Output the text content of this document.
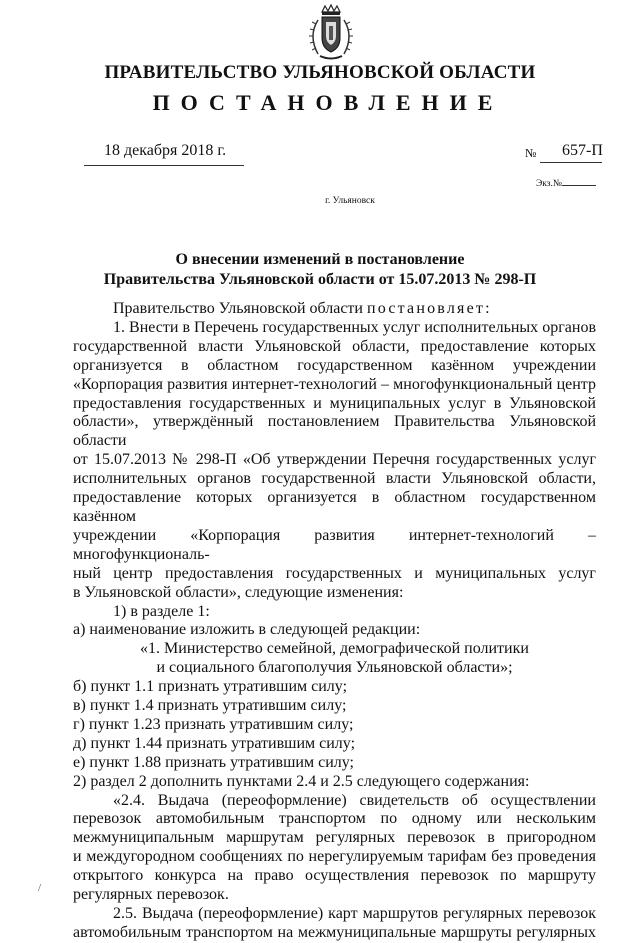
ПРАВИТЕЛЬСТВО УЛЬЯНОВСКОЙ ОБЛАСТИ
ПОСТАНОВЛЕНИЕ
18 декабря 2018 г.	№ 657-П
Экз.№
г. Ульяновск
О внесении изменений в постановление
Правительства Ульяновской области от 15.07.2013 № 298-П

Правительство Ульяновской области постановляет:

1. Внести в Перечень государственных услуг исполнительных органов

государственной власти Ульяновской области, предоставление которых

организуется в областном государственном казённом учреждении

«Корпорация развития интернет-технологий – многофункциональный центр

предоставления государственных и муниципальных услуг в Ульяновской

области», утверждённый постановлением Правительства Ульяновской области

от 15.07.2013 № 298-П «Об утверждении Перечня государственных услуг

исполнительных органов государственной власти Ульяновской области,

предоставление которых организуется в областном государственном казённом

учреждении «Корпорация развития интернет-технологий – многофункциональ-

ный центр предоставления государственных и муниципальных услуг

в Ульяновской области», следующие изменения:

1) в разделе 1:

а) наименование изложить в следующей редакции:

«1. Министерство семейной, демографической политики

и социального благополучия Ульяновской области»;

б) пункт 1.1 признать утратившим силу;

в) пункт 1.4 признать утратившим силу;

г) пункт 1.23 признать утратившим силу;

д) пункт 1.44 признать утратившим силу;

е) пункт 1.88 признать утратившим силу;

2) раздел 2 дополнить пунктами 2.4 и 2.5 следующего содержания:

«2.4. Выдача (переоформление) свидетельств об осуществлении

перевозок автомобильным транспортом по одному или нескольким

межмуниципальным маршрутам регулярных перевозок в пригородном

и междугородном сообщениях по нерегулируемым тарифам без проведения

открытого конкурса на право осуществления перевозок по маршруту

регулярных перевозок.

2.5. Выдача (переоформление) карт маршрутов регулярных перевозок

автомобильным транспортом на межмуниципальные маршруты регулярных

/
